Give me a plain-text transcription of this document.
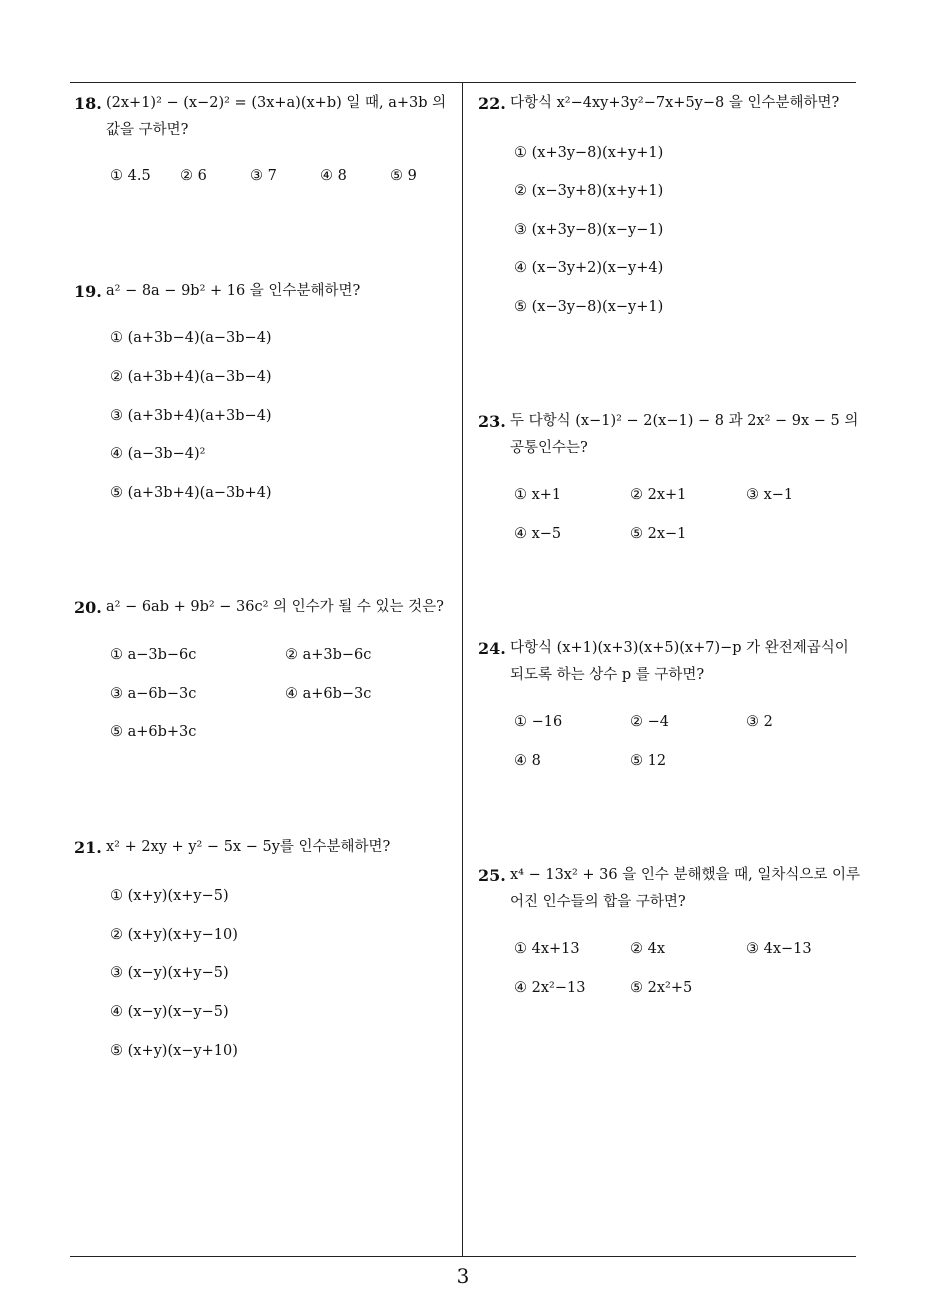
18. (2x+1)² − (x−2)² = (3x+a)(x+b) 일 때, a+3b 의 값을 구하면?
① 4.5 ② 6	③ 7	④ 8	⑤ 9
19. a² − 8a − 9b² + 16 을 인수분해하면?
① (a+3b−4)(a−3b−4)
② (a+3b+4)(a−3b−4)
③ (a+3b+4)(a+3b−4)
④ (a−3b−4)²
⑤ (a+3b+4)(a−3b+4)
20. a² − 6ab + 9b² − 36c² 의 인수가 될 수 있는 것은?
① a−3b−6c	② a+3b−6c
③ a−6b−3c	④ a+6b−3c
⑤ a+6b+3c
21. x² + 2xy + y² − 5x − 5y를 인수분해하면?
① (x+y)(x+y−5)
② (x+y)(x+y−10)
③ (x−y)(x+y−5)
④ (x−y)(x−y−5)
⑤ (x+y)(x−y+10)
22. 다항식 x²−4xy+3y²−7x+5y−8 을 인수분해하면?
① (x+3y−8)(x+y+1)
② (x−3y+8)(x+y+1)
③ (x+3y−8)(x−y−1)
④ (x−3y+2)(x−y+4)
⑤ (x−3y−8)(x−y+1)
23. 두 다항식 (x−1)² − 2(x−1) − 8 과 2x² − 9x − 5 의 공통인수는?
① x+1	② 2x+1	③ x−1
④ x−5	⑤ 2x−1
24. 다항식 (x+1)(x+3)(x+5)(x+7)−p 가 완전제곱식이 되도록 하는 상수 p 를 구하면?
① −16	② −4	③ 2
④ 8	⑤ 12
25. x⁴ − 13x² + 36 을 인수 분해했을 때, 일차식으로 이루어진 인수들의 합을 구하면?
① 4x+13	② 4x	③ 4x−13
④ 2x²−13	⑤ 2x²+5
3
